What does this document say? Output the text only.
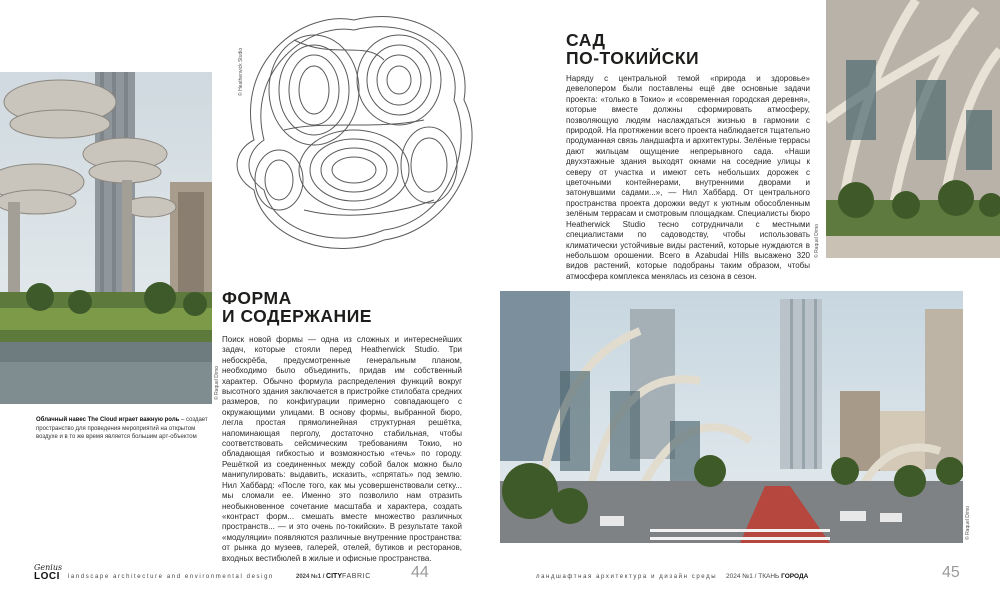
© Raquel Dimo
Облачный навес The Cloud играет важную роль – создает пространство для проведения мероприятий на открытом воздухе и в то же время является большим арт-объектом
© Heatherwick Studio
ФОРМА
И СОДЕРЖАНИЕ
Поиск новой формы — одна из сложных и интереснейших задач, которые стояли перед Heatherwick Studio. Три небоскрёба, предусмотренные генеральным планом, необходимо было объединить, придав им собственный характер. Обычно формула распределения функций вокруг высотного здания заключается в пристройке стилобата средних размеров, по конфигурации примерно совпадающего с окружающими улицами. В основу формы, выбранной бюро, легла простая прямолинейная структурная решётка, напоминающая перголу, достаточно стабильная, чтобы соответствовать сейсмическим требованиям Токио, но обладающая гибкостью и возможностью «течь» по городу. Решёткой из соединенных между собой балок можно было манипулировать: выдавить, исказить, «спрятать» под землю. Нил Хаббард: «После того, как мы усовершенствовали сетку... мы сломали ее. Именно это позволило нам отразить необыкновенное сочетание масштаба и характера, создать «контраст форм... смешать вместе множество различных пространств... — и это очень по-токийски». В результате такой «модуляции» появляются различные внутренние пространства: от рынка до музеев, галерей, отелей, бутиков и ресторанов, входных вестибюлей в жилые и офисные пространства.
САД
ПО-ТОКИЙСКИ
Наряду с центральной темой «природа и здоровье» девелопером были поставлены ещё две основные задачи проекта: «только в Токио» и «современная городская деревня», которые вместе должны сформировать атмосферу, позволяющую людям наслаждаться жизнью в гармонии с природой. На протяжении всего проекта наблюдается тщательно продуманная связь ландшафта и архитектуры. Зелёные террасы дают жильцам ощущение непрерывного сада. «Наши двухэтажные здания выходят окнами на соседние улицы к северу от участка и имеют сеть небольших дорожек с цветочными контейнерами, внутренними дворами и затонувшими садами...», — Нил Хаббард. От центрального пространства проекта дорожки ведут к уютным обособленным зелёным террасам и смотровым площадкам. Специалисты бюро Heatherwick Studio тесно сотрудничали с местными специалистами по садоводству, чтобы использовать климатически устойчивые виды растений, которые нуждаются в небольшом орошении. Всего в Azabudai Hills высажено 320 видов растений, которые подобраны таким образом, чтобы атмосфера комплекса менялась из сезона в сезон.
© Raquel Dimo
© Raquel Dimo
Genius
LOCI	landscape architecture and environmental design	2024 №1 / CITYFABRIC	44	ландшафтная архитектура и дизайн среды 2024 №1 / ТКАНЬ ГОРОДА	45
